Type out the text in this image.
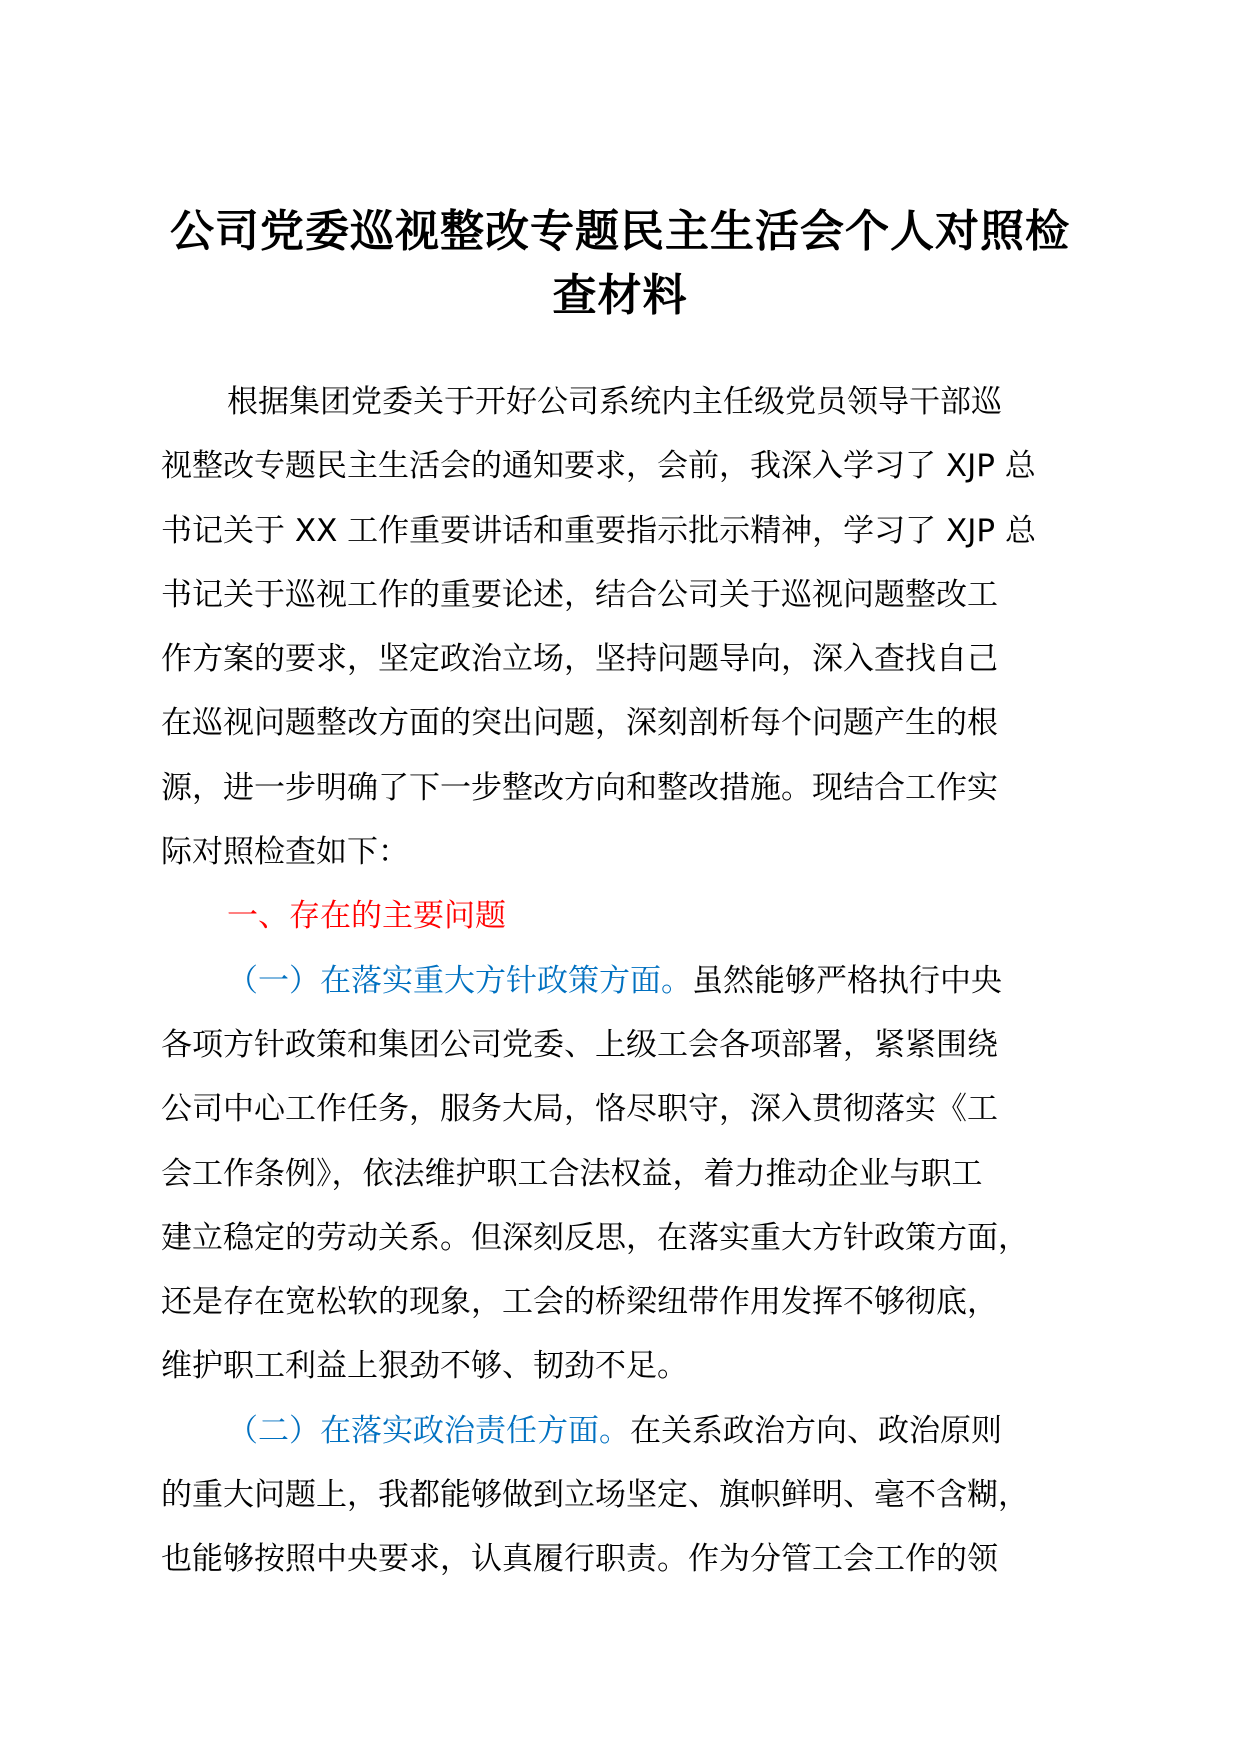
公司党委巡视整改专题民主生活会个人对照检
查材料
根据集团党委关于开好公司系统内主任级党员领导干部巡
视整改专题民主生活会的通知要求，会前，我深入学习了 XJP 总
书记关于 XX 工作重要讲话和重要指示批示精神，学习了 XJP 总
书记关于巡视工作的重要论述，结合公司关于巡视问题整改工
作方案的要求，坚定政治立场，坚持问题导向，深入查找自己
在巡视问题整改方面的突出问题，深刻剖析每个问题产生的根
源，进一步明确了下一步整改方向和整改措施。现结合工作实
际对照检查如下：
一、存在的主要问题
（一）在落实重大方针政策方面。虽然能够严格执行中央
各项方针政策和集团公司党委、上级工会各项部署，紧紧围绕
公司中心工作任务，服务大局，恪尽职守，深入贯彻落实《工
会工作条例》，依法维护职工合法权益，着力推动企业与职工
建立稳定的劳动关系。但深刻反思，在落实重大方针政策方面，
还是存在宽松软的现象，工会的桥梁纽带作用发挥不够彻底，
维护职工利益上狠劲不够、韧劲不足。
（二）在落实政治责任方面。在关系政治方向、政治原则
的重大问题上，我都能够做到立场坚定、旗帜鲜明、毫不含糊，
也能够按照中央要求，认真履行职责。作为分管工会工作的领
